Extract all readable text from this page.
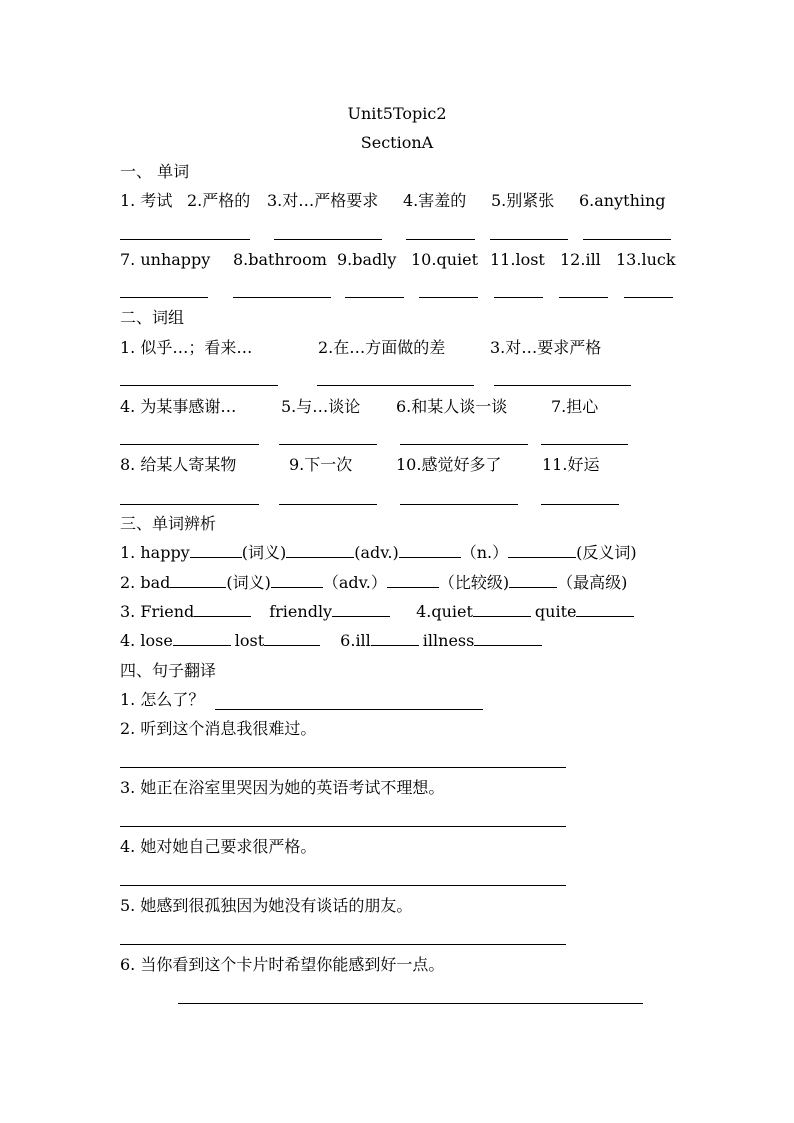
Unit5Topic2
SectionA
一、 单词
1. 考试 2.严格的 3.对…严格要求 4.害羞的 5.别紧张 6.anything
7. unhappy 8.bathroom 9.badly 10.quiet 11.lost 12.ill 13.luck
二、词组
1. 似乎…；看来…	2.在…方面做的差	3.对…要求严格
4. 为某事感谢…	5.与…谈论 6.和某人谈一谈	7.担心
8. 给某人寄某物	9.下一次	10.感觉好多了	11.好运
三、单词辨析
1. happy	(词义)	(adv.)	（n.）	(反义词)
2. bad	(词义)	（adv.）	（比较级)	（最高级)
3. Friend	friendly	4.quiet	quite
4. lose	lost	6.ill	illness
四、句子翻译
1. 怎么了？
2. 听到这个消息我很难过。
3. 她正在浴室里哭因为她的英语考试不理想。
4. 她对她自己要求很严格。
5. 她感到很孤独因为她没有谈话的朋友。
6. 当你看到这个卡片时希望你能感到好一点。
